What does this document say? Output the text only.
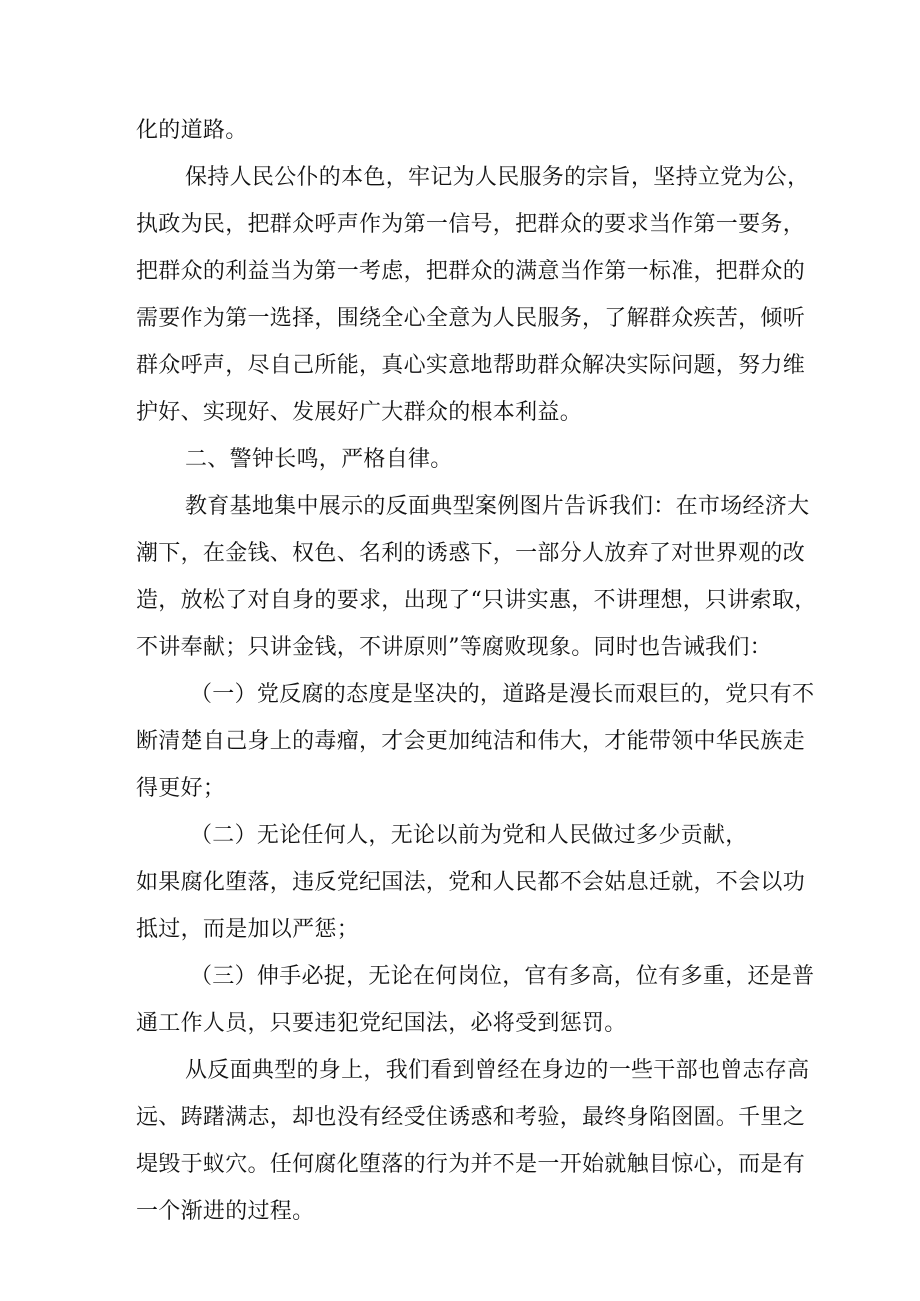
化的道路。
保持人民公仆的本色，牢记为人民服务的宗旨，坚持立党为公，
执政为民，把群众呼声作为第一信号，把群众的要求当作第一要务，
把群众的利益当为第一考虑，把群众的满意当作第一标准，把群众的
需要作为第一选择，围绕全心全意为人民服务，了解群众疾苦，倾听
群众呼声，尽自己所能，真心实意地帮助群众解决实际问题，努力维
护好、实现好、发展好广大群众的根本利益。
二、警钟长鸣，严格自律。
教育基地集中展示的反面典型案例图片告诉我们：在市场经济大
潮下，在金钱、权色、名利的诱惑下，一部分人放弃了对世界观的改
造，放松了对自身的要求，出现了“只讲实惠，不讲理想，只讲索取，
不讲奉献；只讲金钱，不讲原则”等腐败现象。同时也告诫我们：
（一）党反腐的态度是坚决的，道路是漫长而艰巨的，党只有不
断清楚自己身上的毒瘤，才会更加纯洁和伟大，才能带领中华民族走
得更好；
（二）无论任何人，无论以前为党和人民做过多少贡献，
如果腐化堕落，违反党纪国法，党和人民都不会姑息迁就，不会以功
抵过，而是加以严惩；
（三）伸手必捉，无论在何岗位，官有多高，位有多重，还是普
通工作人员，只要违犯党纪国法，必将受到惩罚。
从反面典型的身上，我们看到曾经在身边的一些干部也曾志存高
远、踌躇满志，却也没有经受住诱惑和考验，最终身陷囹圄。千里之
堤毁于蚁穴。任何腐化堕落的行为并不是一开始就触目惊心，而是有
一个渐进的过程。
